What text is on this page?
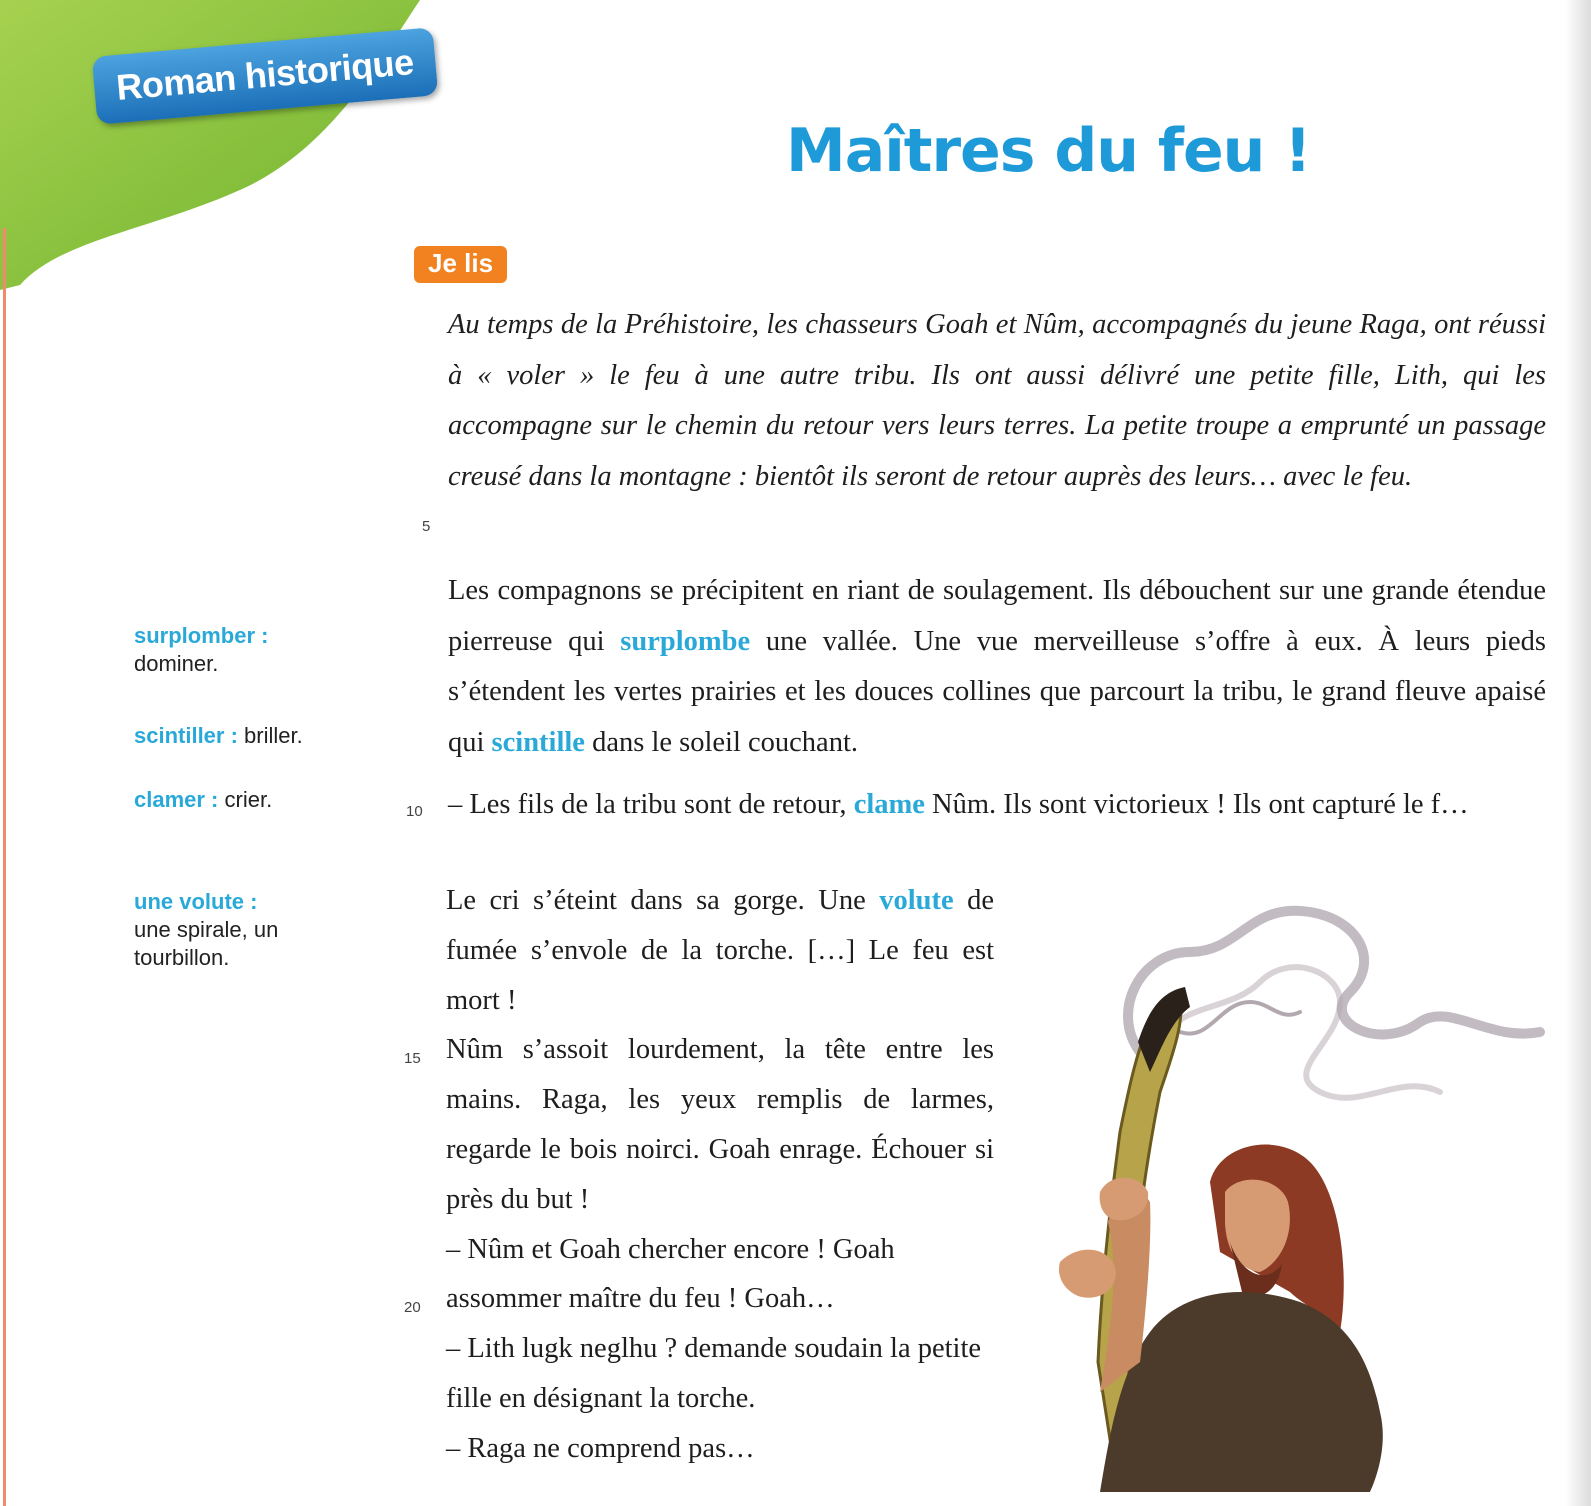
Roman historique
Maîtres du feu !
Je lis

Au temps de la Préhistoire, les chasseurs Goah et Nûm, accompagnés du jeune Raga, ont réussi à « voler » le feu à une autre tribu. Ils ont aussi délivré une petite fille, Lith, qui les accompagne sur le chemin du retour vers leurs terres. La petite troupe a emprunté un passage creusé dans la montagne : bientôt ils seront de retour auprès des leurs… avec le feu.

Les compagnons se précipitent en riant de soulagement. Ils débouchent sur une grande étendue pierreuse qui surplombe une vallée. Une vue merveilleuse s’offre à eux. À leurs pieds s’étendent les vertes prairies et les douces collines que parcourt la tribu, le grand fleuve apaisé qui scintille dans le soleil couchant.

– Les fils de la tribu sont de retour, clame Nûm. Ils sont victorieux ! Ils ont capturé le f…

Le cri s’éteint dans sa gorge. Une volute de fumée s’envole de la torche. […] Le feu est mort !

Nûm s’assoit lourdement, la tête entre les mains. Raga, les yeux remplis de larmes, regarde le bois noirci. Goah enrage. Échouer si près du but !

– Nûm et Goah chercher encore ! Goah assommer maître du feu ! Goah…

– Lith lugk neglhu ? demande soudain la petite fille en désignant la torche.

– Raga ne comprend pas…

5
10
15
20
surplomber :
dominer.
scintiller : briller.
clamer : crier.
une volute :
une spirale, un tourbillon.
